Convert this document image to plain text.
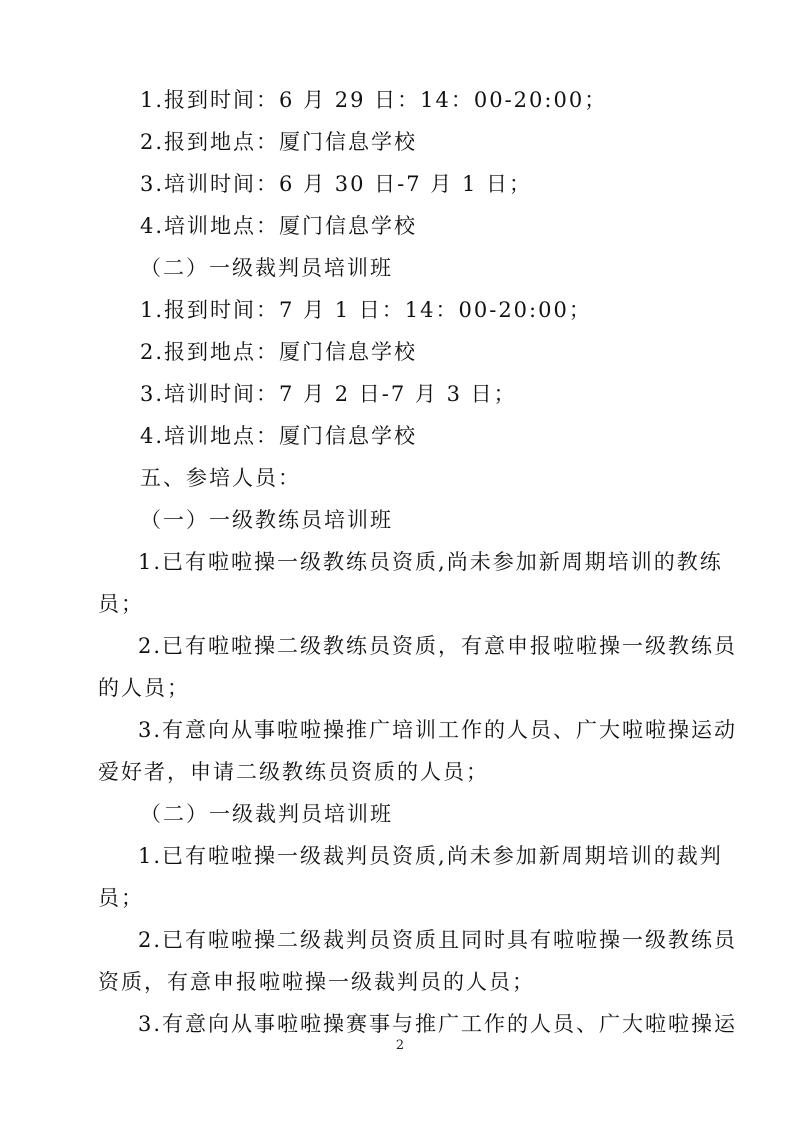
1.报到时间：6 月 29 日：14：00-20:00；
2.报到地点：厦门信息学校
3.培训时间：6 月 30 日-7 月 1 日；
4.培训地点：厦门信息学校
（二）一级裁判员培训班
1.报到时间：7 月 1 日：14：00-20:00；
2.报到地点：厦门信息学校
3.培训时间：7 月 2 日-7 月 3 日；
4.培训地点：厦门信息学校
五、参培人员：
（一）一级教练员培训班
1.已有啦啦操一级教练员资质,尚未参加新周期培训的教练
员；
2.已有啦啦操二级教练员资质，有意申报啦啦操一级教练员
的人员；
3.有意向从事啦啦操推广培训工作的人员、广大啦啦操运动
爱好者，申请二级教练员资质的人员；
（二）一级裁判员培训班
1.已有啦啦操一级裁判员资质,尚未参加新周期培训的裁判
员；
2.已有啦啦操二级裁判员资质且同时具有啦啦操一级教练员
资质，有意申报啦啦操一级裁判员的人员；
3.有意向从事啦啦操赛事与推广工作的人员、广大啦啦操运
2
